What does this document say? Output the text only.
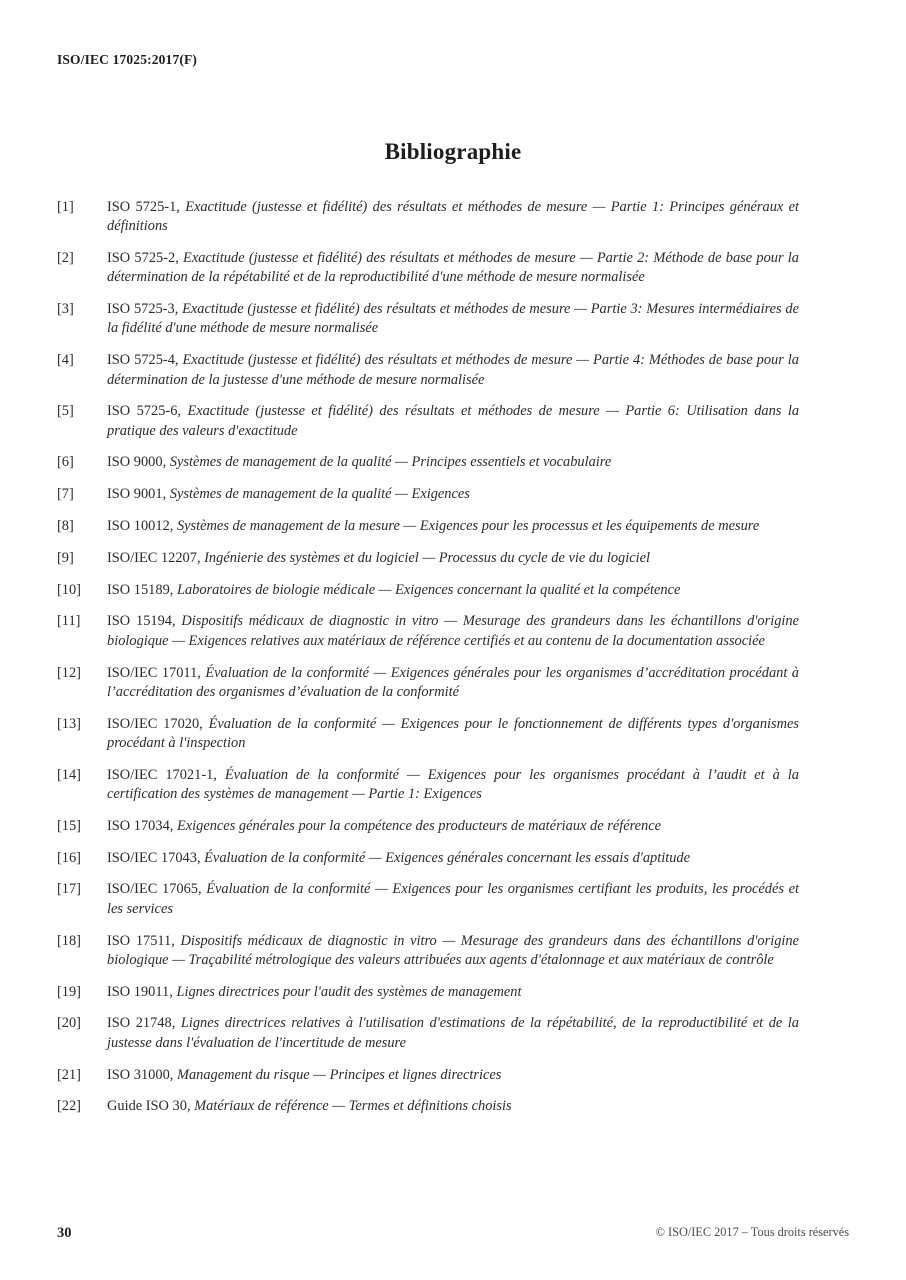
ISO/IEC 17025:2017(F)
Bibliographie
[1]	ISO 5725-1, Exactitude (justesse et fidélité) des résultats et méthodes de mesure — Partie 1: Principes généraux et définitions
[2]	ISO 5725-2, Exactitude (justesse et fidélité) des résultats et méthodes de mesure — Partie 2: Méthode de base pour la détermination de la répétabilité et de la reproductibilité d'une méthode de mesure normalisée
[3]	ISO 5725-3, Exactitude (justesse et fidélité) des résultats et méthodes de mesure — Partie 3: Mesures intermédiaires de la fidélité d'une méthode de mesure normalisée
[4]	ISO 5725-4, Exactitude (justesse et fidélité) des résultats et méthodes de mesure — Partie 4: Méthodes de base pour la détermination de la justesse d'une méthode de mesure normalisée
[5]	ISO 5725-6, Exactitude (justesse et fidélité) des résultats et méthodes de mesure — Partie 6: Utilisation dans la pratique des valeurs d'exactitude
[6]	ISO 9000, Systèmes de management de la qualité — Principes essentiels et vocabulaire
[7]	ISO 9001, Systèmes de management de la qualité — Exigences
[8]	ISO 10012, Systèmes de management de la mesure — Exigences pour les processus et les équipements de mesure
[9]	ISO/IEC 12207, Ingénierie des systèmes et du logiciel — Processus du cycle de vie du logiciel
[10]	ISO 15189, Laboratoires de biologie médicale — Exigences concernant la qualité et la compétence
[11]	ISO 15194, Dispositifs médicaux de diagnostic in vitro — Mesurage des grandeurs dans les échantillons d'origine biologique — Exigences relatives aux matériaux de référence certifiés et au contenu de la documentation associée
[12]	ISO/IEC 17011, Évaluation de la conformité — Exigences générales pour les organismes d’accréditation procédant à l’accréditation des organismes d’évaluation de la conformité
[13]	ISO/IEC 17020, Évaluation de la conformité — Exigences pour le fonctionnement de différents types d'organismes procédant à l'inspection
[14]	ISO/IEC 17021-1, Évaluation de la conformité — Exigences pour les organismes procédant à l’audit et à la certification des systèmes de management — Partie 1: Exigences
[15]	ISO 17034, Exigences générales pour la compétence des producteurs de matériaux de référence
[16]	ISO/IEC 17043, Évaluation de la conformité — Exigences générales concernant les essais d'aptitude
[17]	ISO/IEC 17065, Évaluation de la conformité — Exigences pour les organismes certifiant les produits, les procédés et les services
[18]	ISO 17511, Dispositifs médicaux de diagnostic in vitro — Mesurage des grandeurs dans des échantillons d'origine biologique — Traçabilité métrologique des valeurs attribuées aux agents d'étalonnage et aux matériaux de contrôle
[19]	ISO 19011, Lignes directrices pour l'audit des systèmes de management
[20]	ISO 21748, Lignes directrices relatives à l'utilisation d'estimations de la répétabilité, de la reproductibilité et de la justesse dans l'évaluation de l'incertitude de mesure
[21]	ISO 31000, Management du risque — Principes et lignes directrices
[22]	Guide ISO 30, Matériaux de référence — Termes et définitions choisis
30	© ISO/IEC 2017 – Tous droits réservés
